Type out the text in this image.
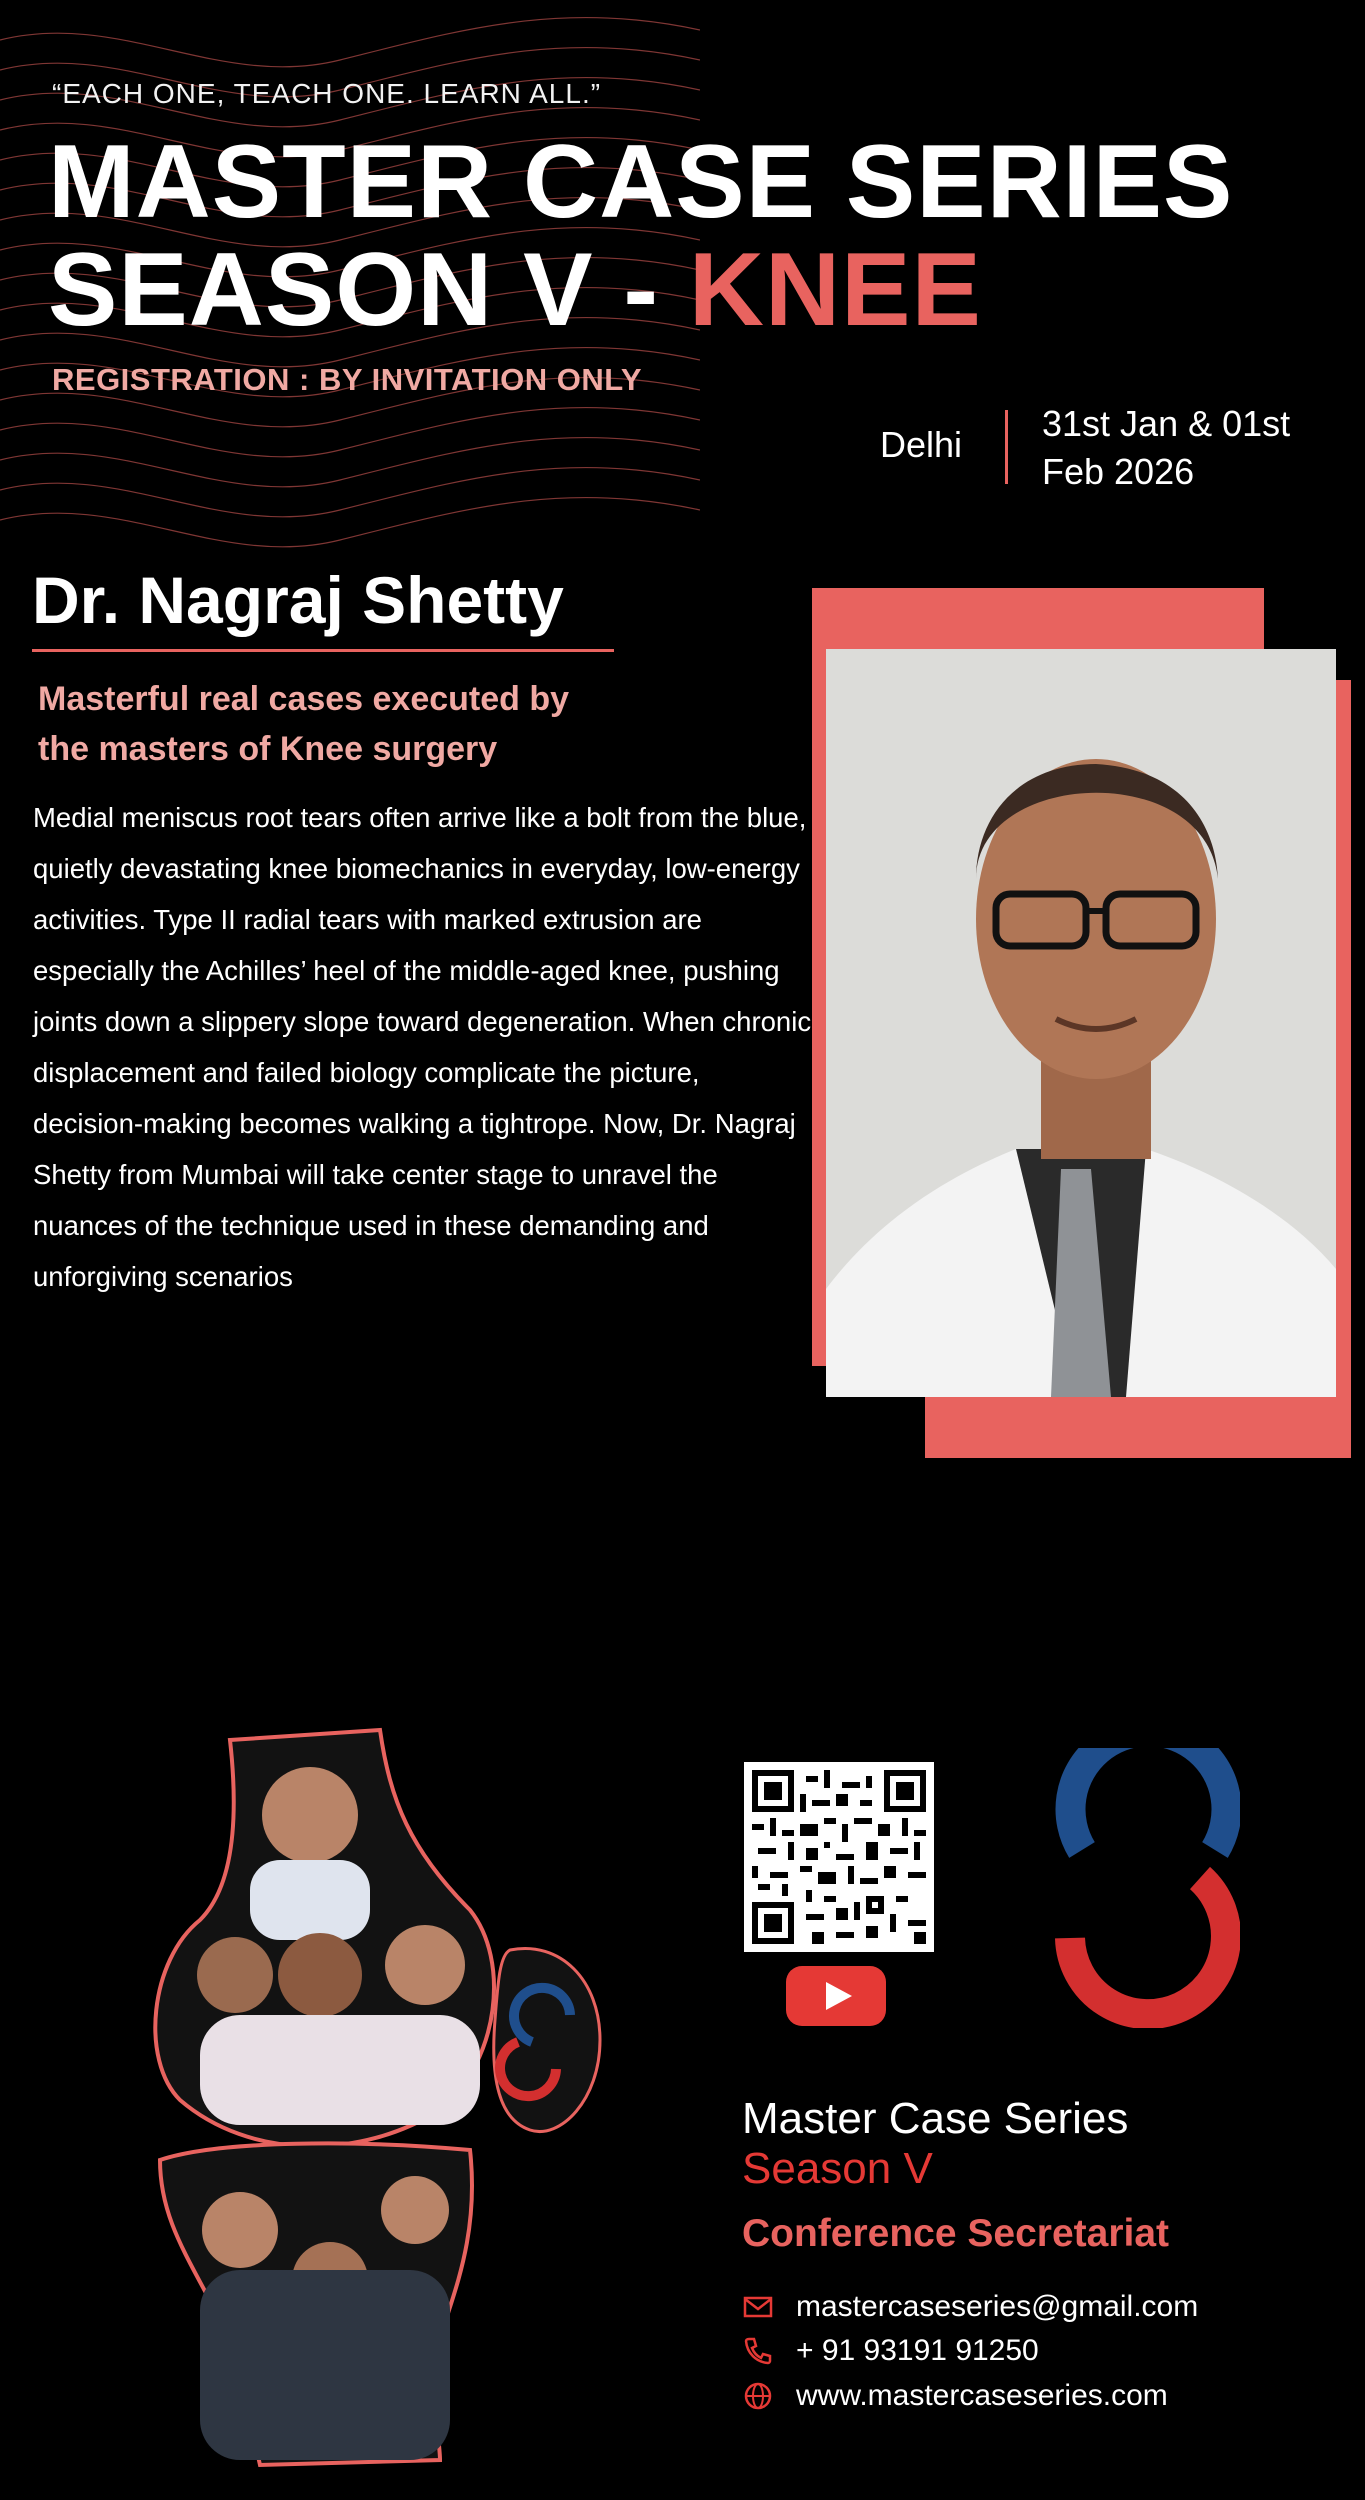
“EACH ONE, TEACH ONE. LEARN ALL.”
MASTER CASE SERIES
SEASON V - KNEE
REGISTRATION : BY INVITATION ONLY
Delhi
31st Jan & 01st
Feb 2026
Dr. Nagraj Shetty
Masterful real cases executed by
the masters of Knee surgery
Medial meniscus root tears often arrive like a bolt from the blue, quietly devastating knee biomechanics in everyday, low-energy activities. Type II radial tears with marked extrusion are especially the Achilles’ heel of the middle-aged knee, pushing joints down a slippery slope toward degeneration. When chronic displacement and failed biology complicate the picture, decision-making becomes walking a tightrope. Now, Dr. Nagraj Shetty from Mumbai will take center stage to unravel the nuances of the technique used in these demanding and unforgiving scenarios
Master Case Series
Season V
Conference Secretariat
mastercaseseries@gmail.com
+ 91 93191 91250
www.mastercaseseries.com
